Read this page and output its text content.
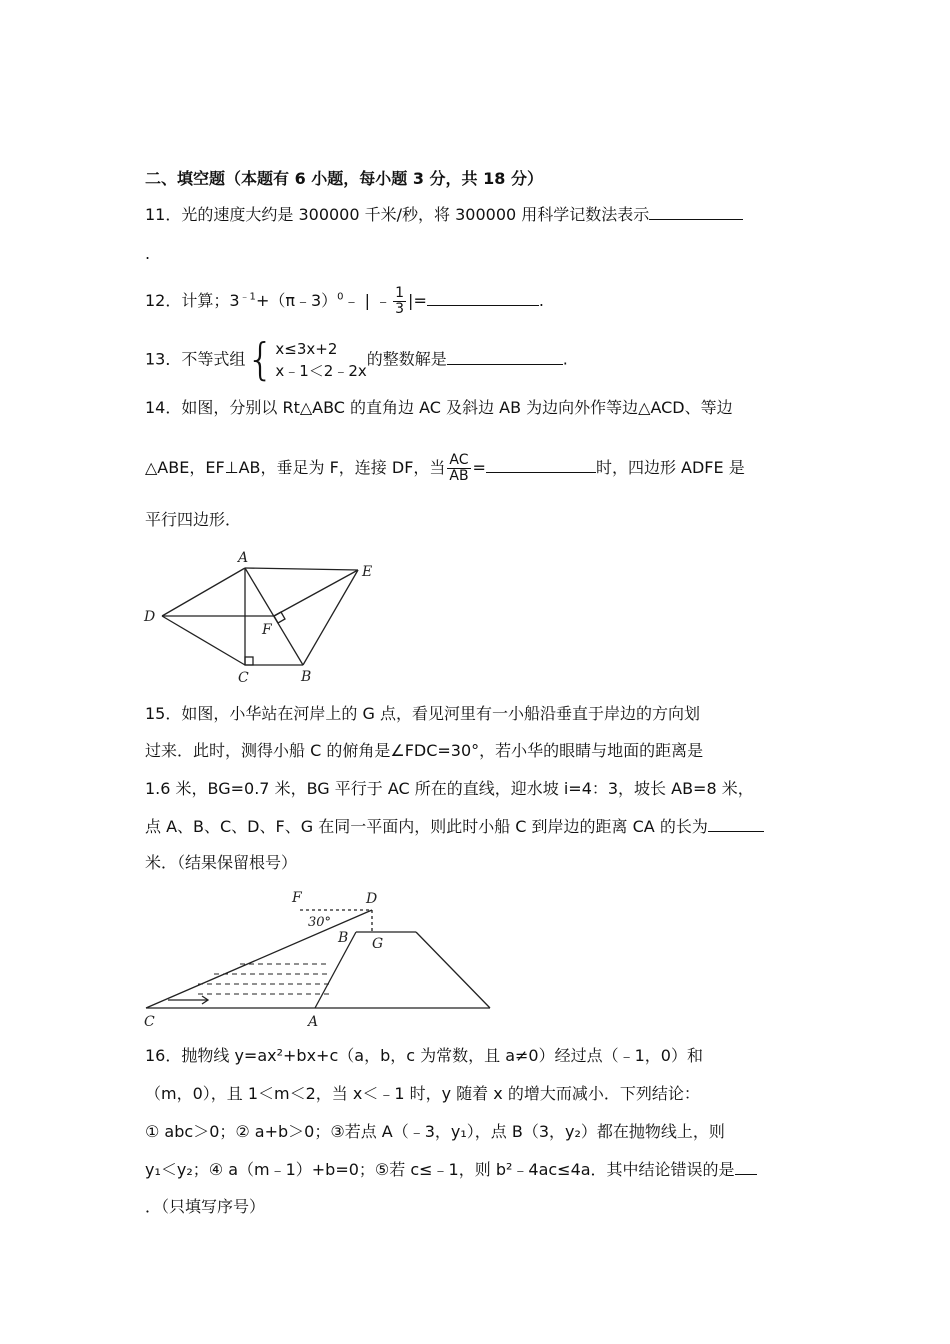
二、填空题（本题有 6 小题，每小题 3 分，共 18 分）
11．光的速度大约是 300000 千米/秒，将 300000 用科学记数法表示
.
12．计算；$3^{﹣1}+(\pi﹣3)^0﹣$ | ﹣ $\frac{1}{3}$ |=	.
13．不等式组{ x≤3x+2
x﹣1＜2﹣2x
的整数解是	.
14．如图，分别以 Rt△ABC 的直角边 AC 及斜边 AB 为边向外作等边△ACD、等边
△ABE，EF⊥AB，垂足为 F，连接 DF，当 $\frac{AC}{AB}$ =	时，四边形 ADFE 是
平行四边形．
A
D
F
E
C	B
15．如图，小华站在河岸上的 G 点，看见河里有一小船沿垂直于岸边的方向划
过来．此时，测得小船 C 的俯角是∠FDC=30°，若小华的眼睛与地面的距离是
1.6 米，BG=0.7 米，BG 平行于 AC 所在的直线，迎水坡 i=4：3，坡长 AB=8 米，
点 A、B、C、D、F、G 在同一平面内，则此时小船 C 到岸边的距离 CA 的长为
米．（结果保留根号）
F	D
30°
B G
C	A
16．抛物线 y=ax²+bx+c（a，b，c 为常数，且 a≠0）经过点（﹣1，0）和
（m，0），且 1＜m＜2，当 x＜﹣1 时，y 随着 x 的增大而减小．下列结论：
① abc＞0；② a+b＞0；③若点 A（﹣3，y₁），点 B（3，y₂）都在抛物线上，则
y₁＜y₂；④ a（m﹣1）+b=0；⑤若 c≤﹣1，则 b²﹣4ac≤4a．其中结论错误的是
．（只填写序号）
